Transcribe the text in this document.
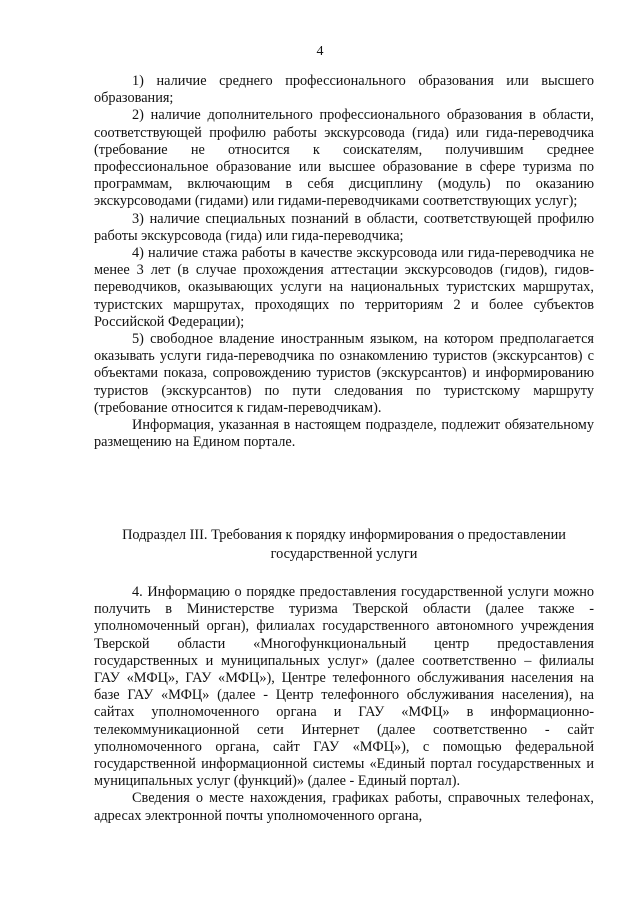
4

1) наличие среднего профессионального образования или высшего образования;

2) наличие дополнительного профессионального образования в области, соответствующей профилю работы экскурсовода (гида) или гида-переводчика (требование не относится к соискателям, получившим среднее профессиональное образование или высшее образование в сфере туризма по программам, включающим в себя дисциплину (модуль) по оказанию экскурсоводами (гидами) или гидами-переводчиками соответствующих услуг);

3) наличие специальных познаний в области, соответствующей профилю работы экскурсовода (гида) или гида-переводчика;

4) наличие стажа работы в качестве экскурсовода или гида-переводчика не менее 3 лет (в случае прохождения аттестации экскурсоводов (гидов), гидов-переводчиков, оказывающих услуги на национальных туристских маршрутах, туристских маршрутах, проходящих по территориям 2 и более субъектов Российской Федерации);

5) свободное владение иностранным языком, на котором предполагается оказывать услуги гида-переводчика по ознакомлению туристов (экскурсантов) с объектами показа, сопровождению туристов (экскурсантов) и информированию туристов (экскурсантов) по пути следования по туристскому маршруту (требование относится к гидам-переводчикам).

Информация, указанная в настоящем подразделе, подлежит обязательному размещению на Едином портале.

Подраздел III. Требования к порядку информирования о предоставлении
государственной услуги

4. Информацию о порядке предоставления государственной услуги можно получить в Министерстве туризма Тверской области (далее также - уполномоченный орган), филиалах государственного автономного учреждения Тверской области «Многофункциональный центр предоставления государственных и муниципальных услуг» (далее соответственно – филиалы ГАУ «МФЦ», ГАУ «МФЦ»), Центре телефонного обслуживания населения на базе ГАУ «МФЦ» (далее - Центр телефонного обслуживания населения), на сайтах уполномоченного органа и ГАУ «МФЦ» в информационно-телекоммуникационной сети Интернет (далее соответственно - сайт уполномоченного органа, сайт ГАУ «МФЦ»), с помощью федеральной государственной информационной системы «Единый портал государственных и муниципальных услуг (функций)» (далее - Единый портал).

Сведения о месте нахождения, графиках работы, справочных телефонах, адресах электронной почты уполномоченного органа,
